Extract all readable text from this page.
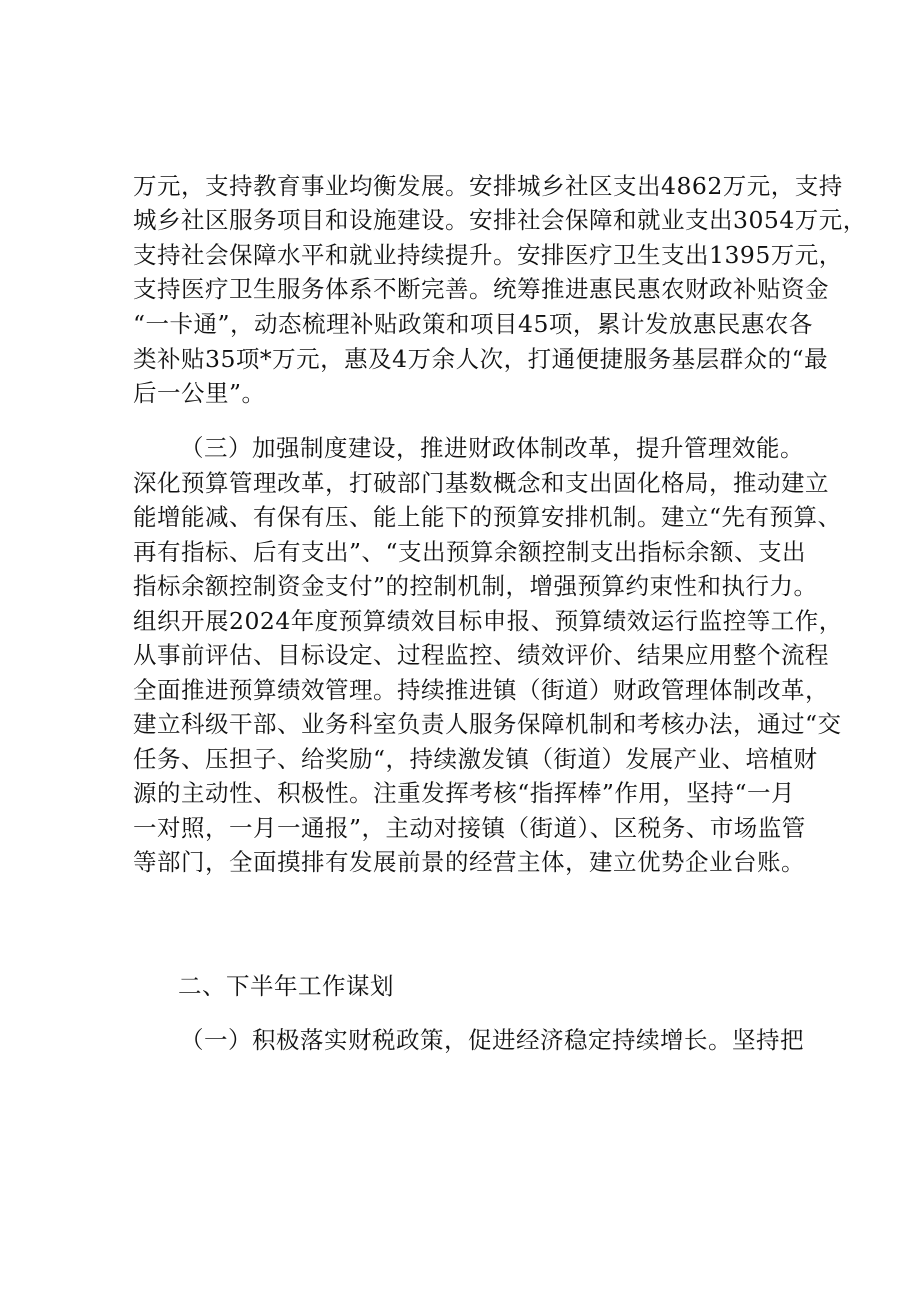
万元，支持教育事业均衡发展。安排城乡社区支出4862万元，支持
城乡社区服务项目和设施建设。安排社会保障和就业支出3054万元，
支持社会保障水平和就业持续提升。安排医疗卫生支出1395万元，
支持医疗卫生服务体系不断完善。统筹推进惠民惠农财政补贴资金
“一卡通”，动态梳理补贴政策和项目45项，累计发放惠民惠农各
类补贴35项*万元，惠及4万余人次，打通便捷服务基层群众的“最
后一公里”。
（三）加强制度建设，推进财政体制改革，提升管理效能。
深化预算管理改革，打破部门基数概念和支出固化格局，推动建立
能增能减、有保有压、能上能下的预算安排机制。建立“先有预算、
再有指标、后有支出”、“支出预算余额控制支出指标余额、支出
指标余额控制资金支付”的控制机制，增强预算约束性和执行力。
组织开展2024年度预算绩效目标申报、预算绩效运行监控等工作，
从事前评估、目标设定、过程监控、绩效评价、结果应用整个流程
全面推进预算绩效管理。持续推进镇（街道）财政管理体制改革，
建立科级干部、业务科室负责人服务保障机制和考核办法，通过“交
任务、压担子、给奖励“，持续激发镇（街道）发展产业、培植财
源的主动性、积极性。注重发挥考核“指挥棒”作用，坚持“一月
一对照，一月一通报”，主动对接镇（街道）、区税务、市场监管
等部门，全面摸排有发展前景的经营主体，建立优势企业台账。
二、下半年工作谋划
（一）积极落实财税政策，促进经济稳定持续增长。坚持把
